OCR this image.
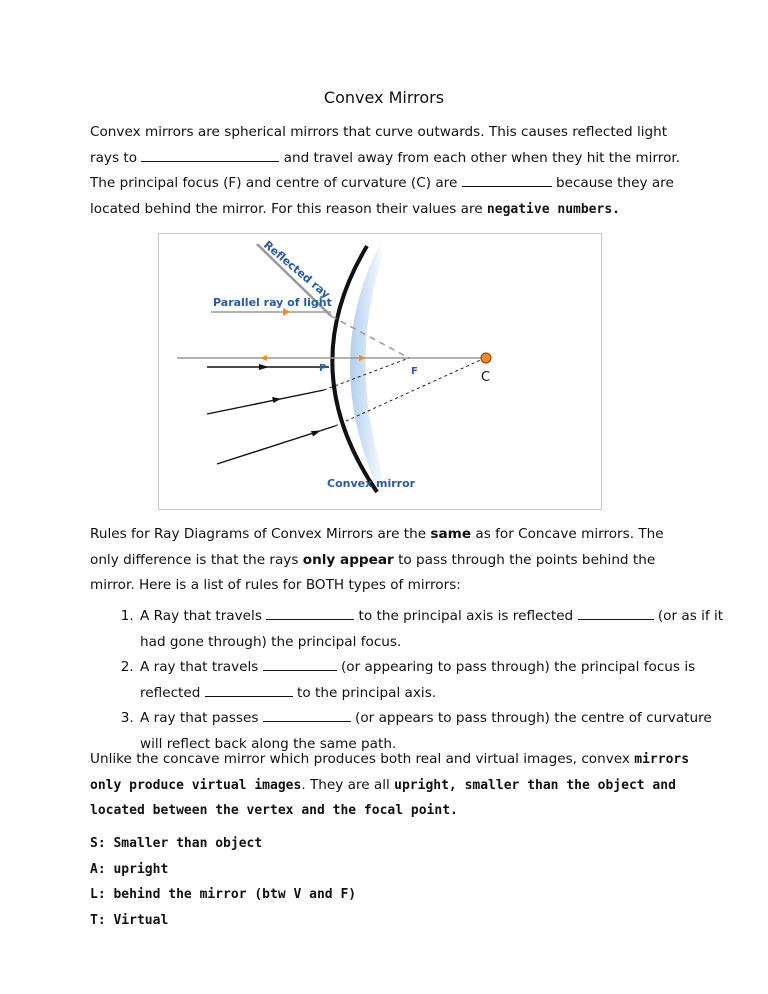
Convex Mirrors

Convex mirrors are spherical mirrors that curve outwards. This causes reflected light rays to	and travel away from each other when they hit the mirror. The principal focus (F) and centre of curvature (C) are	because they are located behind the mirror. For this reason their values are negative numbers.

Reflected ray
Parallel ray of light
P	F	C
Convex mirror

Rules for Ray Diagrams of Convex Mirrors are the same as for Concave mirrors. The only difference is that the rays only appear to pass through the points behind the mirror. Here is a list of rules for BOTH types of mirrors:

1. A Ray that travels	to the principal axis is reflected	(or as if it had gone through) the principal focus.
2. A ray that travels	(or appearing to pass through) the principal focus is reflected	to the principal axis.
3. A ray that passes	(or appears to pass through) the centre of curvature will reflect back along the same path.

Unlike the concave mirror which produces both real and virtual images, convex mirrors only produce virtual images. They are all upright, smaller than the object and located between the vertex and the focal point.

S: Smaller than object
A: upright
L: behind the mirror (btw V and F)
T: Virtual
